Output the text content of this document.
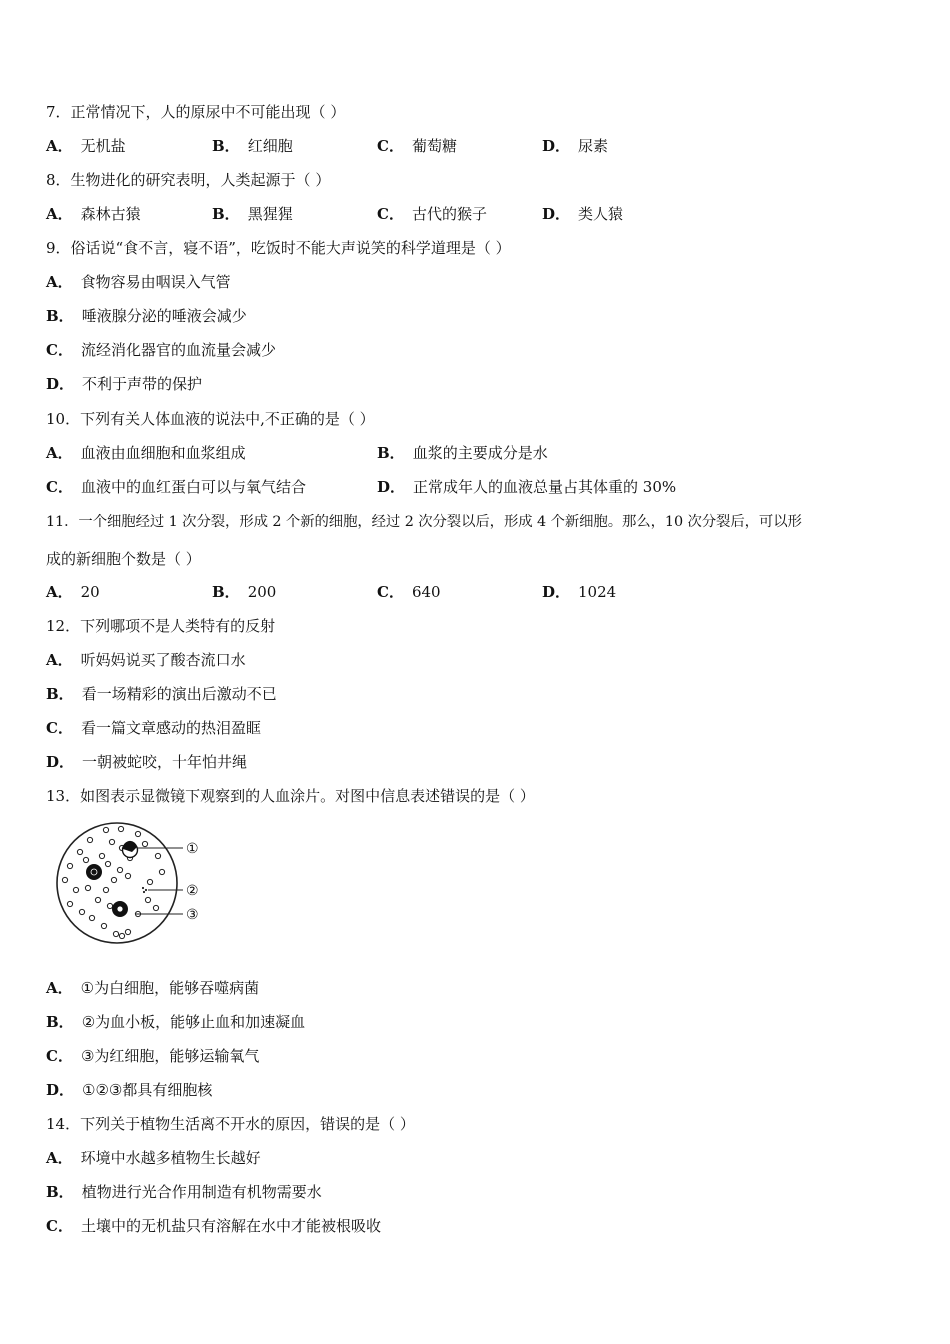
7．正常情况下，人的原尿中不可能出现（ ）
A． 无机盐	B． 红细胞	C． 葡萄糖	D． 尿素
8．生物进化的研究表明，人类起源于（ ）
A． 森林古猿	B． 黑猩猩	C． 古代的猴子	D． 类人猿
9．俗话说“食不言，寝不语”，吃饭时不能大声说笑的科学道理是（ ）
A． 食物容易由咽误入气管
B． 唾液腺分泌的唾液会减少
C． 流经消化器官的血流量会减少
D． 不利于声带的保护
10．下列有关人体血液的说法中,不正确的是（ ）
A． 血液由血细胞和血浆组成	B． 血浆的主要成分是水
C． 血液中的血红蛋白可以与氧气结合	D． 正常成年人的血液总量占其体重的 30%
11．一个细胞经过 1 次分裂，形成 2 个新的细胞，经过 2 次分裂以后，形成 4 个新细胞。那么，10 次分裂后，可以形
成的新细胞个数是（ ）
A． 20	B． 200	C． 640	D． 1024
12．下列哪项不是人类特有的反射
A． 听妈妈说买了酸杏流口水
B． 看一场精彩的演出后激动不已
C． 看一篇文章感动的热泪盈眶
D． 一朝被蛇咬，十年怕井绳
13．如图表示显微镜下观察到的人血涂片。对图中信息表述错误的是（ ）
①
②
③
A． ①为白细胞，能够吞噬病菌
B． ②为血小板，能够止血和加速凝血
C． ③为红细胞，能够运输氧气
D． ①②③都具有细胞核
14．下列关于植物生活离不开水的原因，错误的是（ ）
A． 环境中水越多植物生长越好
B． 植物进行光合作用制造有机物需要水
C． 土壤中的无机盐只有溶解在水中才能被根吸收
